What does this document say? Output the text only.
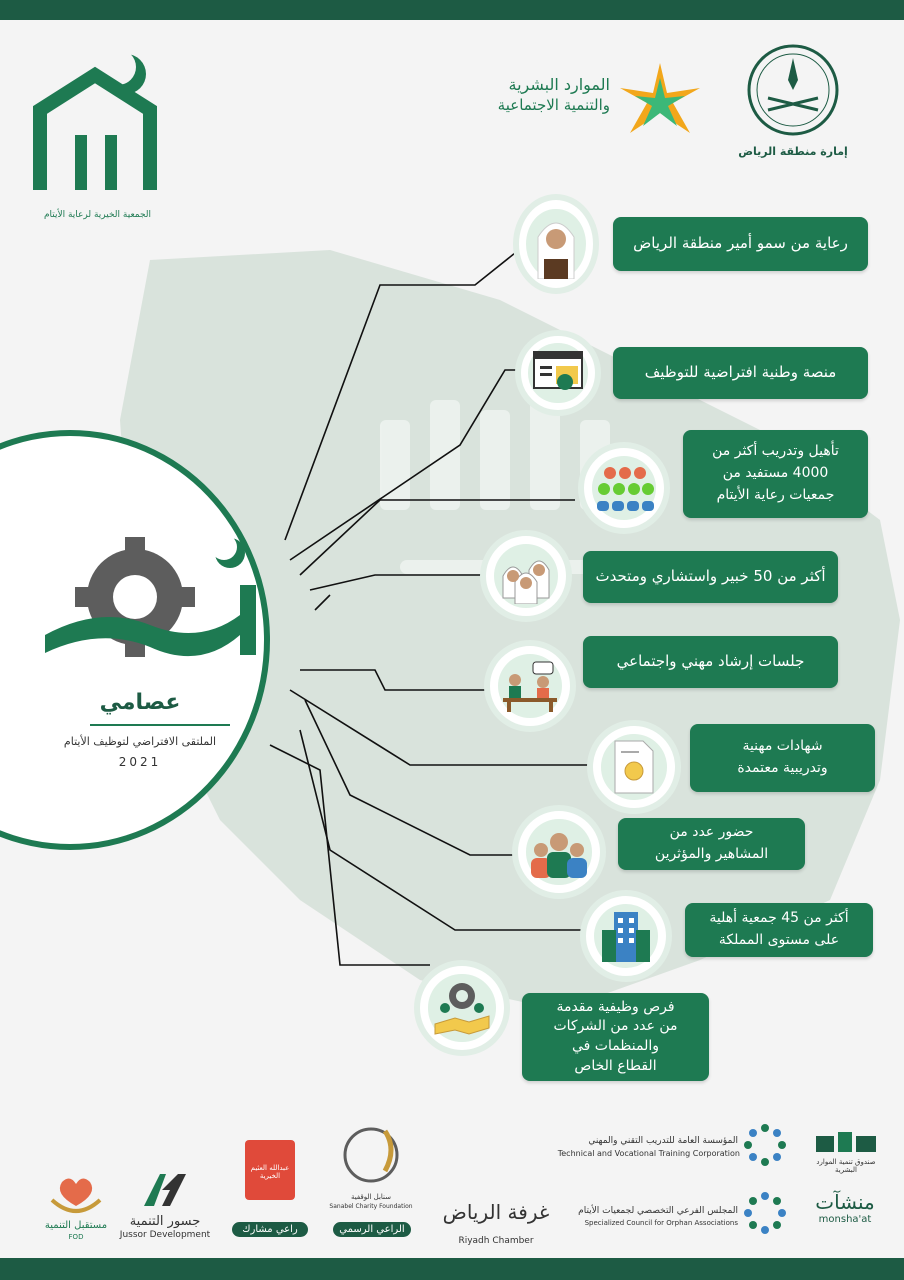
إمارة منطقة الرياض
الموارد البشرية
والتنمية الاجتماعية
الجمعية الخيرية لرعاية الأيتام
عصامي
الملتقى الافتراضي لتوظيف الأيتام
2021
رعاية من سمو أمير منطقة الرياض
منصة وطنية افتراضية للتوظيف
تأهيل وتدريب أكثر من
4000 مستفيد من
جمعيات رعاية الأيتام
أكثر من 50 خبير واستشاري ومتحدث
جلسات إرشاد مهني واجتماعي
شهادات مهنية
وتدريبية معتمدة
حضور عدد من
المشاهير والمؤثرين
أكثر من 45 جمعية أهلية
على مستوى المملكة
فرص وظيفية مقدمة
من عدد من الشركات
والمنظمات في
القطاع الخاص
صندوق تنمية الموارد البشرية
المؤسسة العامة للتدريب التقني والمهني
Technical and Vocational Training Corporation
منشآت
monsha'at
المجلس الفرعي التخصصي لجمعيات الأيتام
Specialized Council for Orphan Associations
غرفة الرياض
Riyadh Chamber
سنابل الوقفية
Sanabel Charity Foundation
الراعي الرسمي
عبدالله العثيم الخيرية
راعي مشارك
جسور التنمية
Jussor Development
مستقبل التنمية
FOD
